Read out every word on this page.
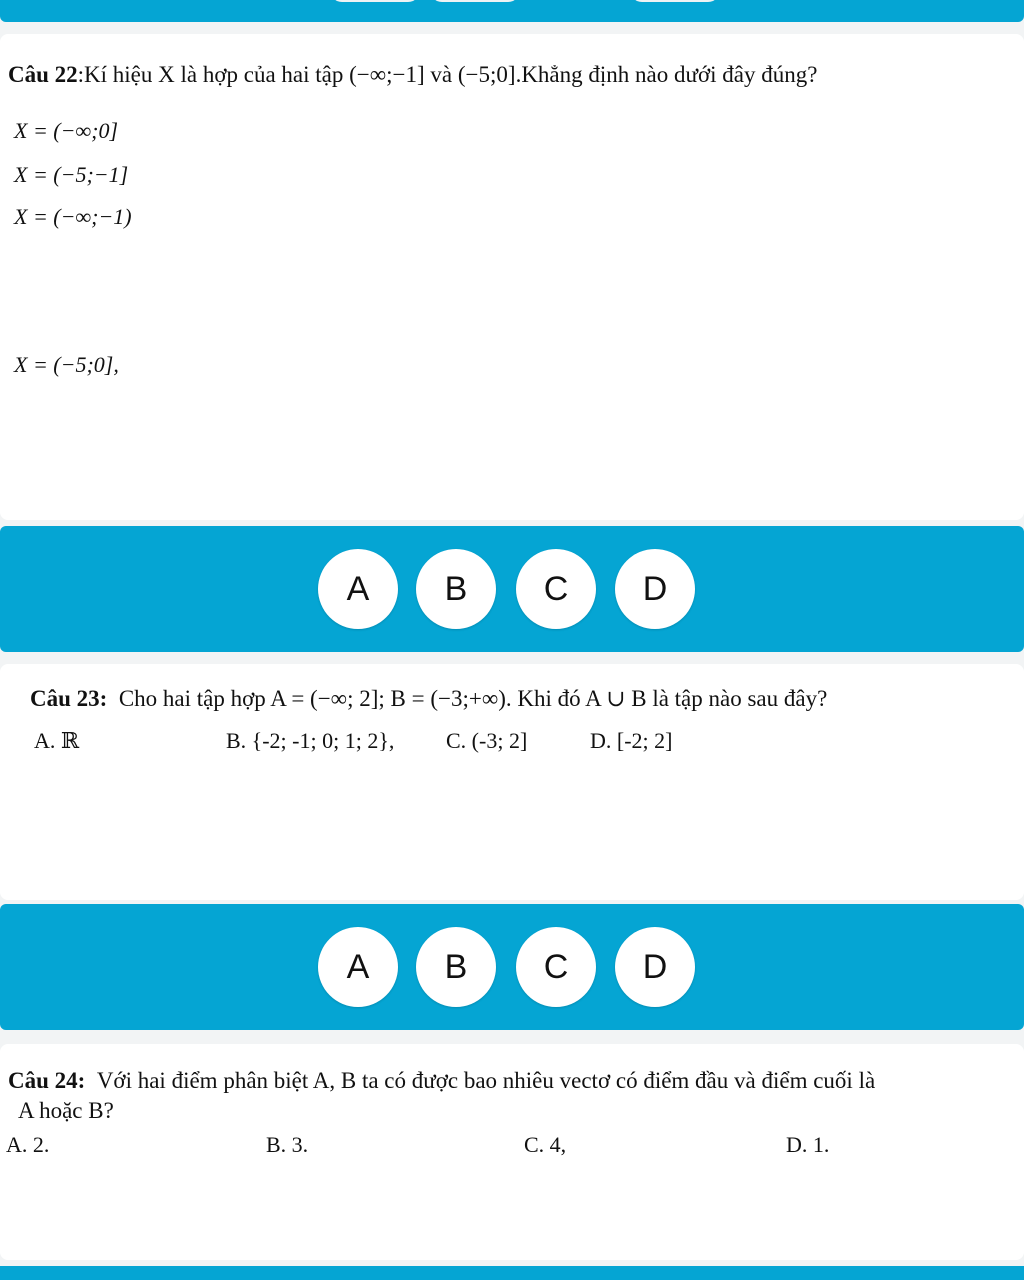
Câu 22:Kí hiệu X là hợp của hai tập (−∞;−1] và (−5;0].Khẳng định nào dưới đây đúng?
X = (−∞;0]
X = (−5;−1]
X = (−∞;−1)
X = (−5;0],
A	B	C	D
Câu 23: Cho hai tập hợp A = (−∞; 2]; B = (−3;+∞). Khi đó A ∪ B là tập nào sau đây?
A. ℝ	B. {-2; -1; 0; 1; 2}, C. (-3; 2]	D. [-2; 2]
A	B	C	D
Câu 24: Với hai điểm phân biệt A, B ta có được bao nhiêu vectơ có điểm đầu và điểm cuối là
A hoặc B?
A. 2.	B. 3.	C. 4,	D. 1.
